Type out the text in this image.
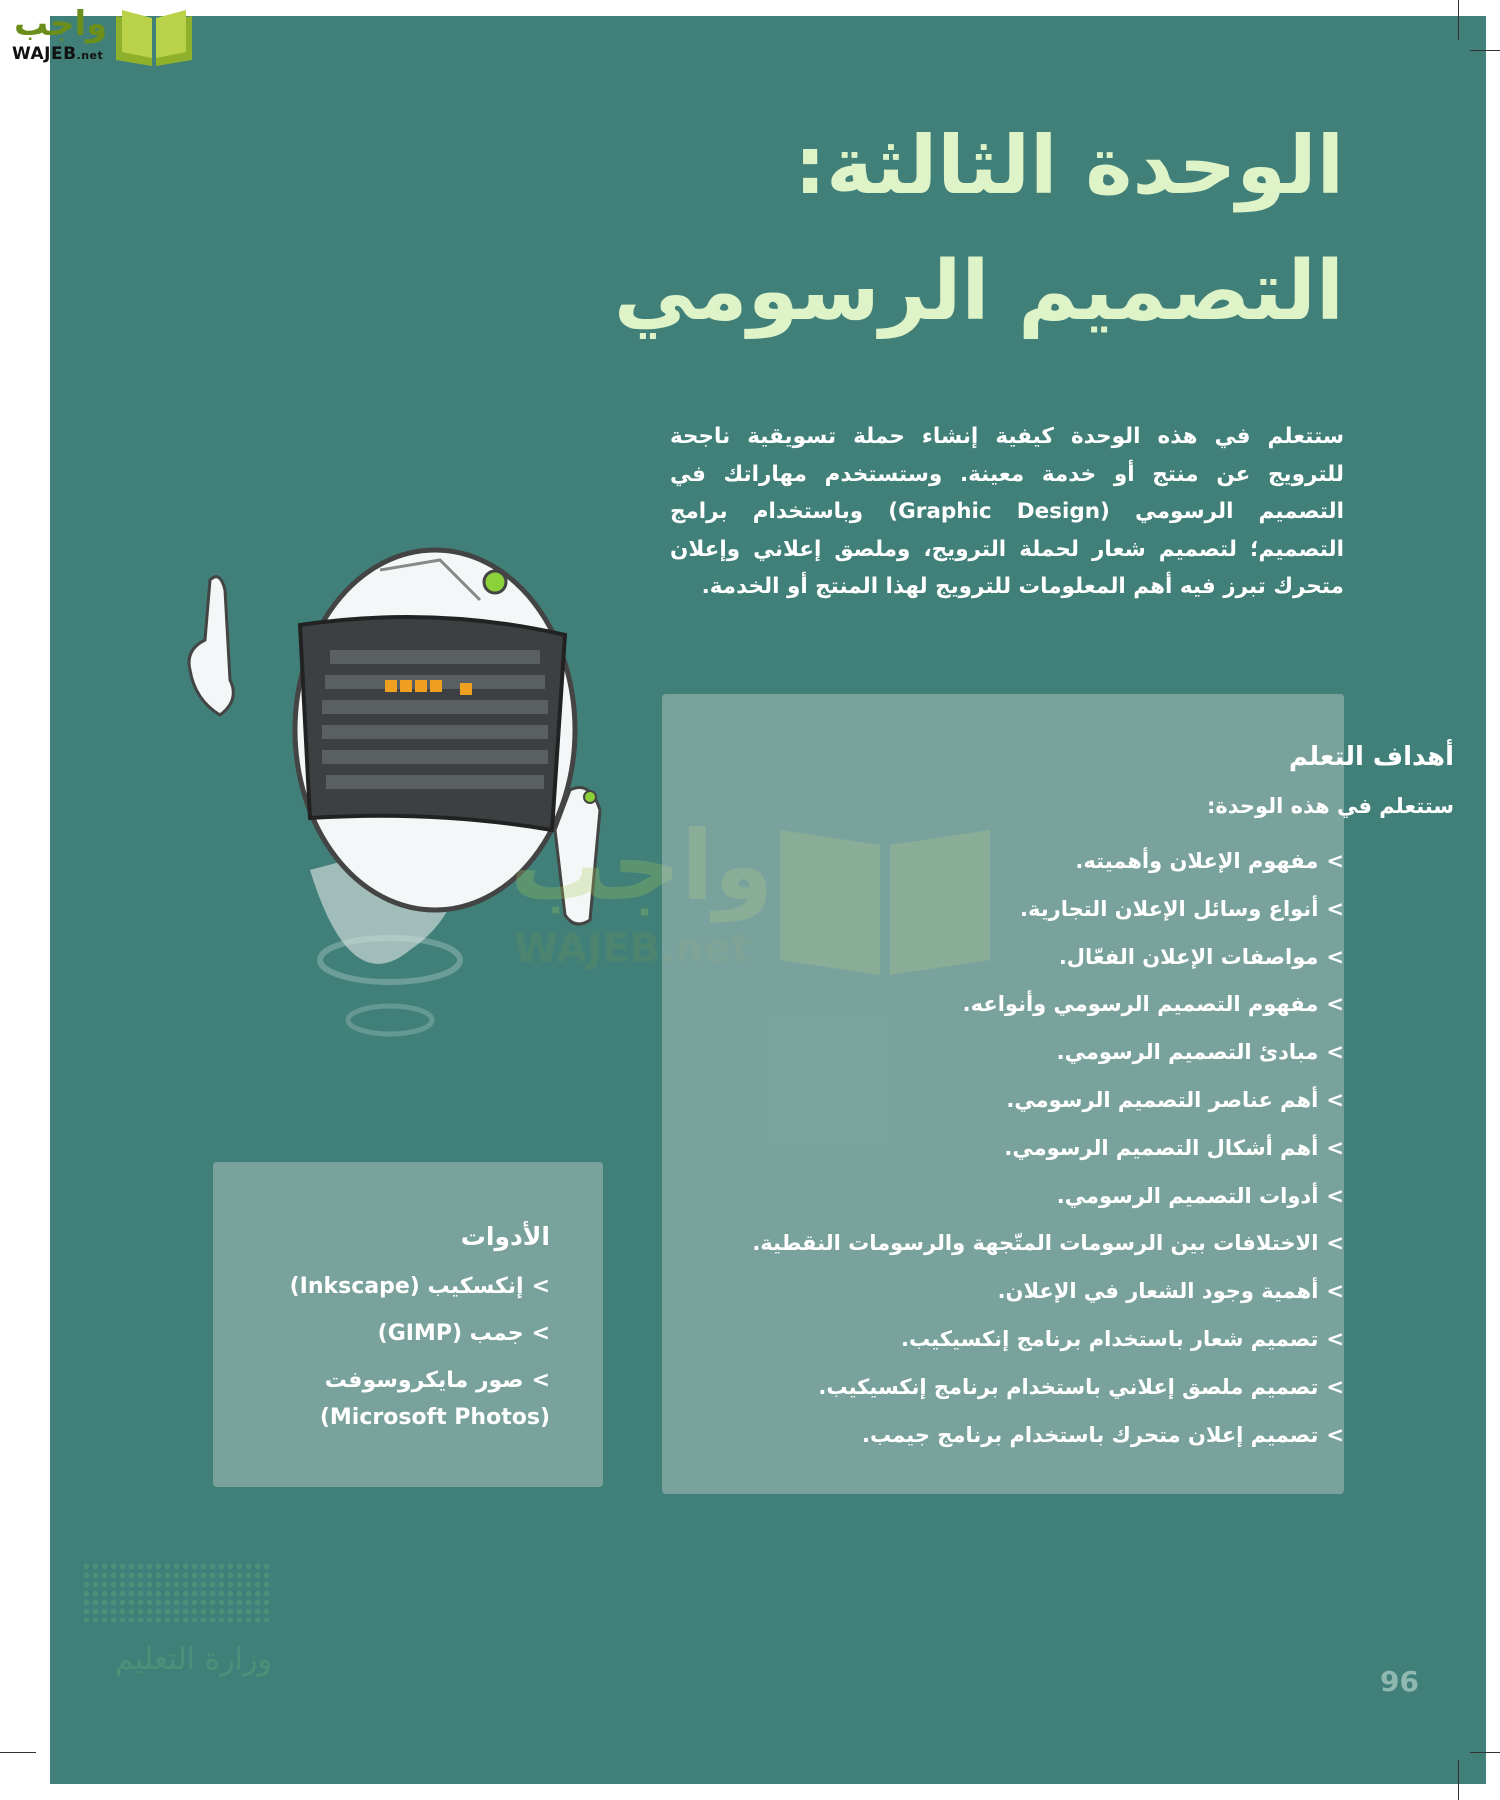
واجب
WAJEB.net
الوحدة الثالثة:
التصميم الرسومي
ستتعلم في هذه الوحدة كيفية إنشاء حملة تسويقية ناجحة للترويج عن منتج أو خدمة معينة. وستستخدم مهاراتك في التصميم الرسومي (Graphic Design) وباستخدام برامج التصميم؛ لتصميم شعار لحملة الترويج، وملصق إعلاني وإعلان متحرك تبرز فيه أهم المعلومات للترويج لهذا المنتج أو الخدمة.
واجب
WAJEB.net
أهداف التعلم
ستتعلم في هذه الوحدة:
>مفهوم الإعلان وأهميته.
>أنواع وسائل الإعلان التجارية.
>مواصفات الإعلان الفعّال.
>مفهوم التصميم الرسومي وأنواعه.
>مبادئ التصميم الرسومي.
>أهم عناصر التصميم الرسومي.
>أهم أشكال التصميم الرسومي.
>أدوات التصميم الرسومي.
>الاختلافات بين الرسومات المتّجهة والرسومات النقطية.
>أهمية وجود الشعار في الإعلان.
>تصميم شعار باستخدام برنامج إنكسيكيب.
>تصميم ملصق إعلاني باستخدام برنامج إنكسيكيب.
>تصميم إعلان متحرك باستخدام برنامج جيمب.
الأدوات
>إنكسكيب (Inkscape)
>جمب (GIMP)
>صور مايكروسوفت
(Microsoft Photos)
وزارة التعليم
96
